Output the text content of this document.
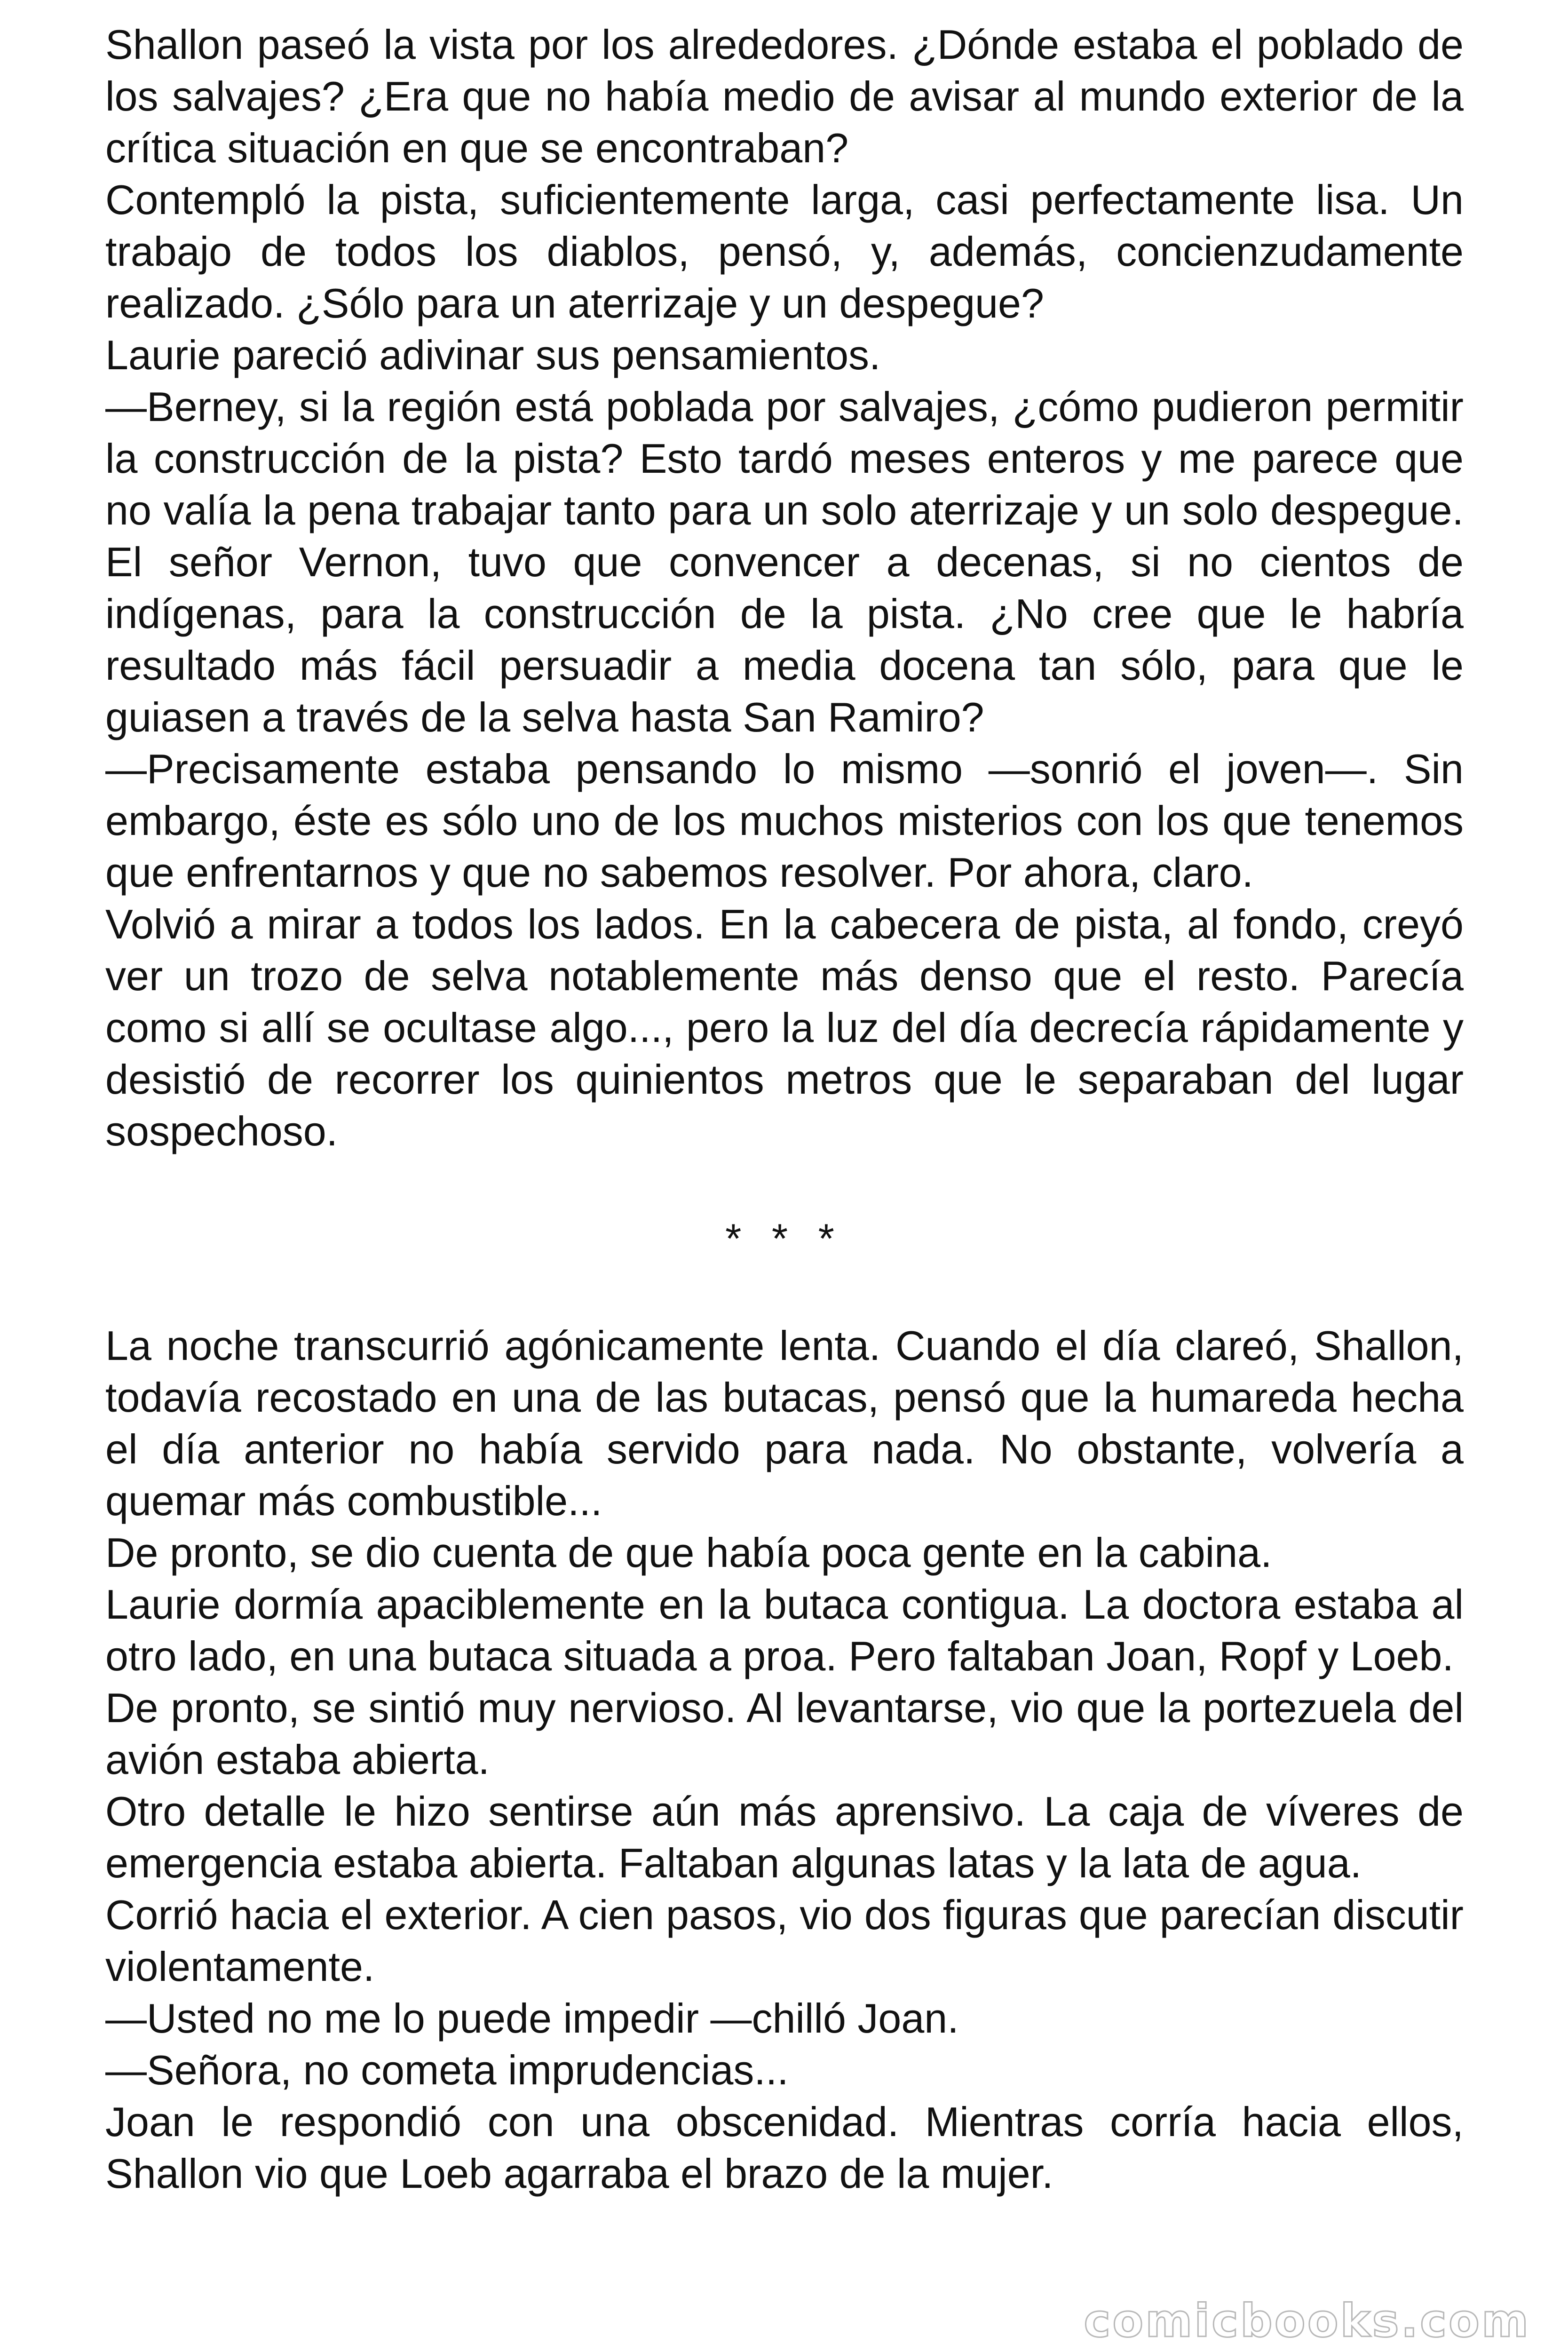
Shallon paseó la vista por los alrededores. ¿Dónde estaba el poblado de los salvajes? ¿Era que no había medio de avisar al mundo exterior de la crítica situación en que se encontraban?

Contempló la pista, suficientemente larga, casi perfectamente lisa. Un trabajo de todos los diablos, pensó, y, además, concienzudamente realizado. ¿Sólo para un aterrizaje y un despegue?

Laurie pareció adivinar sus pensamientos.

—Berney, si la región está poblada por salvajes, ¿cómo pudieron permitir la construcción de la pista? Esto tardó meses enteros y me parece que no valía la pena trabajar tanto para un solo aterrizaje y un solo despegue. El señor Vernon, tuvo que convencer a decenas, si no cientos de indígenas, para la construcción de la pista. ¿No cree que le habría resultado más fácil persuadir a media docena tan sólo, para que le guiasen a través de la selva hasta San Ramiro?

—Precisamente estaba pensando lo mismo —sonrió el joven—. Sin embargo, éste es sólo uno de los muchos misterios con los que tenemos que enfrentarnos y que no sabemos resolver. Por ahora, claro.

Volvió a mirar a todos los lados. En la cabecera de pista, al fondo, creyó ver un trozo de selva notablemente más denso que el resto. Parecía como si allí se ocultase algo..., pero la luz del día decrecía rápidamente y desistió de recorrer los quinientos metros que le separaban del lugar sospechoso.

* * *

La noche transcurrió agónicamente lenta. Cuando el día clareó, Shallon, todavía recostado en una de las butacas, pensó que la humareda hecha el día anterior no había servido para nada. No obstante, volvería a quemar más combustible...

De pronto, se dio cuenta de que había poca gente en la cabina.

Laurie dormía apaciblemente en la butaca contigua. La doctora estaba al otro lado, en una butaca situada a proa. Pero faltaban Joan, Ropf y Loeb.

De pronto, se sintió muy nervioso. Al levantarse, vio que la portezuela del avión estaba abierta.

Otro detalle le hizo sentirse aún más aprensivo. La caja de víveres de emergencia estaba abierta. Faltaban algunas latas y la lata de agua.

Corrió hacia el exterior. A cien pasos, vio dos figuras que parecían discutir violentamente.

—Usted no me lo puede impedir —chilló Joan.

—Señora, no cometa imprudencias...

Joan le respondió con una obscenidad. Mientras corría hacia ellos, Shallon vio que Loeb agarraba el brazo de la mujer.

comicbooks.com
